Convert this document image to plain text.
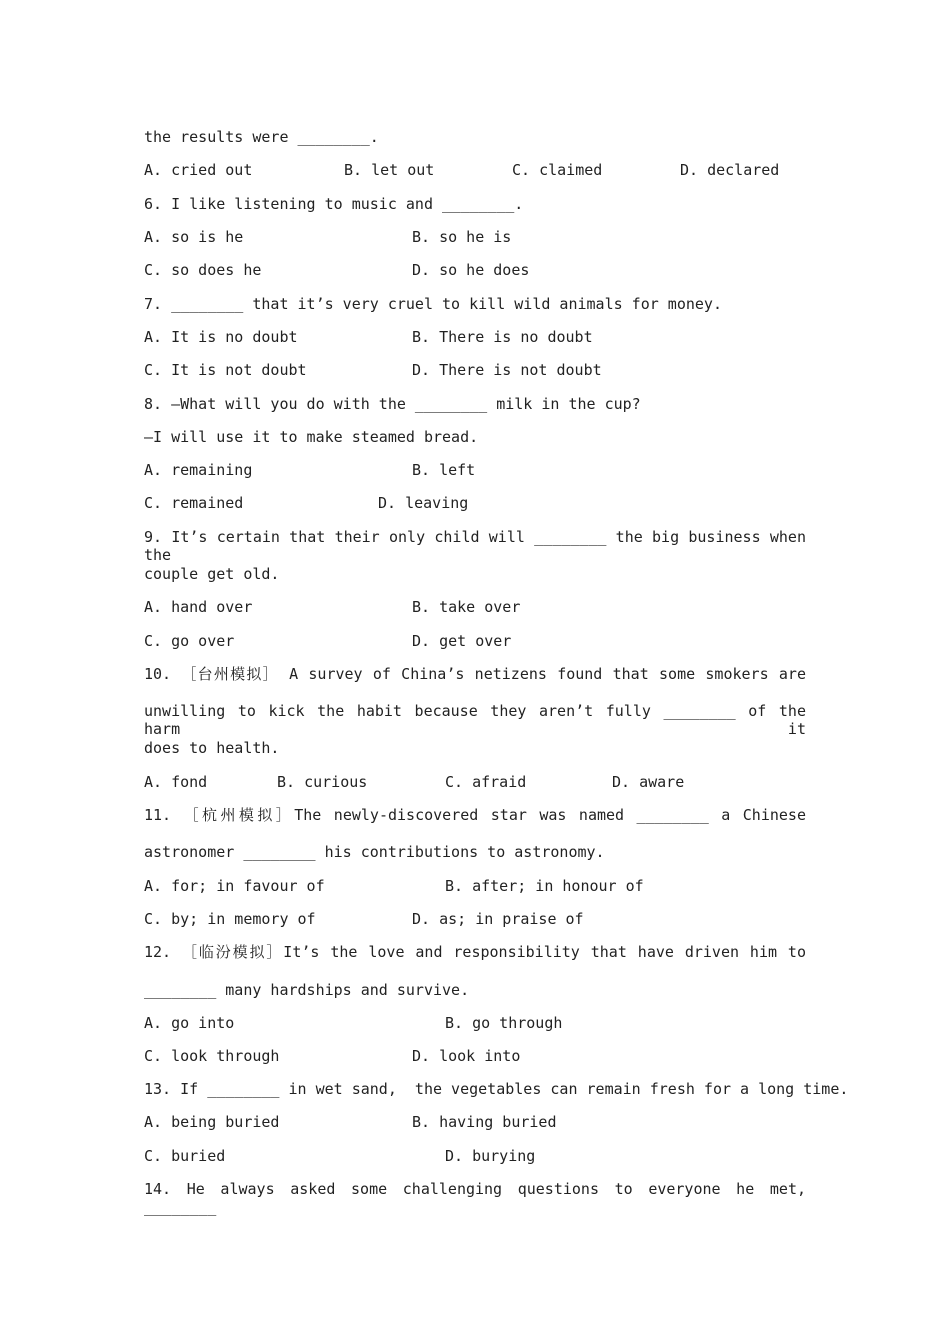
the results were ________.
A. cried out	B. let out	C. claimed	D. declared
6. I like listening to music and ________.
A. so is he	B. so he is
C. so does he	D. so he does
7. ________ that it’s very cruel to kill wild animals for money.
A. It is no doubt	B. There is no doubt
C. It is not doubt	D. There is not doubt
8. —What will you do with the ________ milk in the cup?
—I will use it to make steamed bread.
A. remaining	B. left
C. remained	D. leaving
9. It’s certain that their only child will ________ the big business when the
couple get old.
A. hand over	B. take over
C. go over	D. get over
10. ［台州模拟］ A survey of China’s netizens found that some smokers are
unwilling to kick the habit because they aren’t fully ________ of the harm it
does to health.
A. fond	B. curious	C. afraid	D. aware
11. ［杭州模拟］The newly-discovered star was named ________ a Chinese
astronomer ________ his contributions to astronomy.
A. for; in favour of	B. after; in honour of
C. by; in memory of	D. as; in praise of
12. ［临汾模拟］It’s the love and responsibility that have driven him to
________ many hardships and survive.
A. go into	B. go through
C. look through	D. look into
13. If ________ in wet sand,  the vegetables can remain fresh for a long time.
A. being buried	B. having buried
C. buried	D. burying
14. He always asked some challenging questions to everyone he met, ________
